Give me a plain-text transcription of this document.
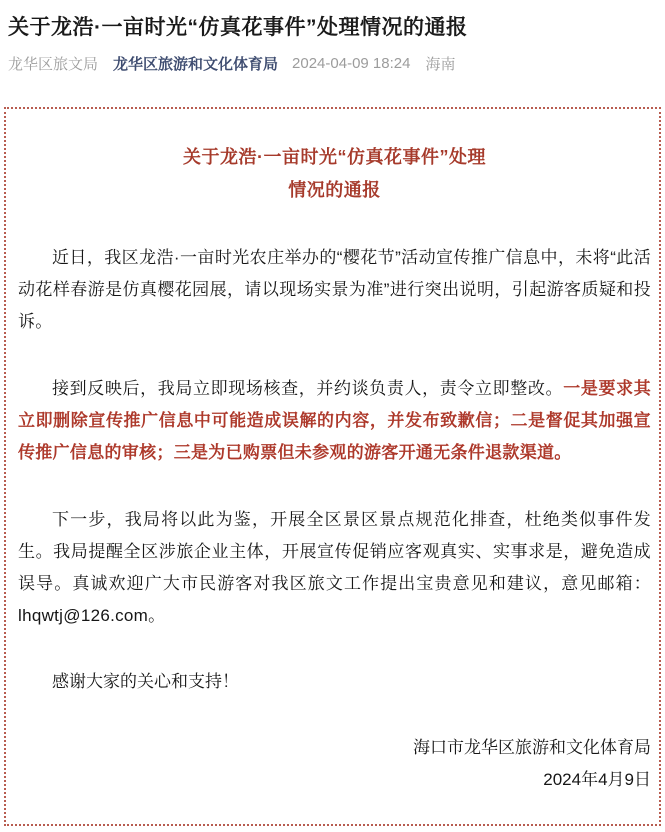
关于龙浩·一亩时光“仿真花事件”处理情况的通报
龙华区旅文局 龙华区旅游和文化体育局 2024-04-09 18:24 海南
关于龙浩·一亩时光“仿真花事件”处理
情况的通报

近日，我区龙浩·一亩时光农庄举办的“樱花节”活动宣传推广信息中，未将“此活动花样春游是仿真樱花园展，请以现场实景为准”进行突出说明，引起游客质疑和投诉。

接到反映后，我局立即现场核查，并约谈负责人，责令立即整改。一是要求其立即删除宣传推广信息中可能造成误解的内容，并发布致歉信；二是督促其加强宣传推广信息的审核；三是为已购票但未参观的游客开通无条件退款渠道。

下一步，我局将以此为鉴，开展全区景区景点规范化排查，杜绝类似事件发生。我局提醒全区涉旅企业主体，开展宣传促销应客观真实、实事求是，避免造成误导。真诚欢迎广大市民游客对我区旅文工作提出宝贵意见和建议，意见邮箱：lhqwtj@126.com。

感谢大家的关心和支持！

海口市龙华区旅游和文化体育局
2024年4月9日
